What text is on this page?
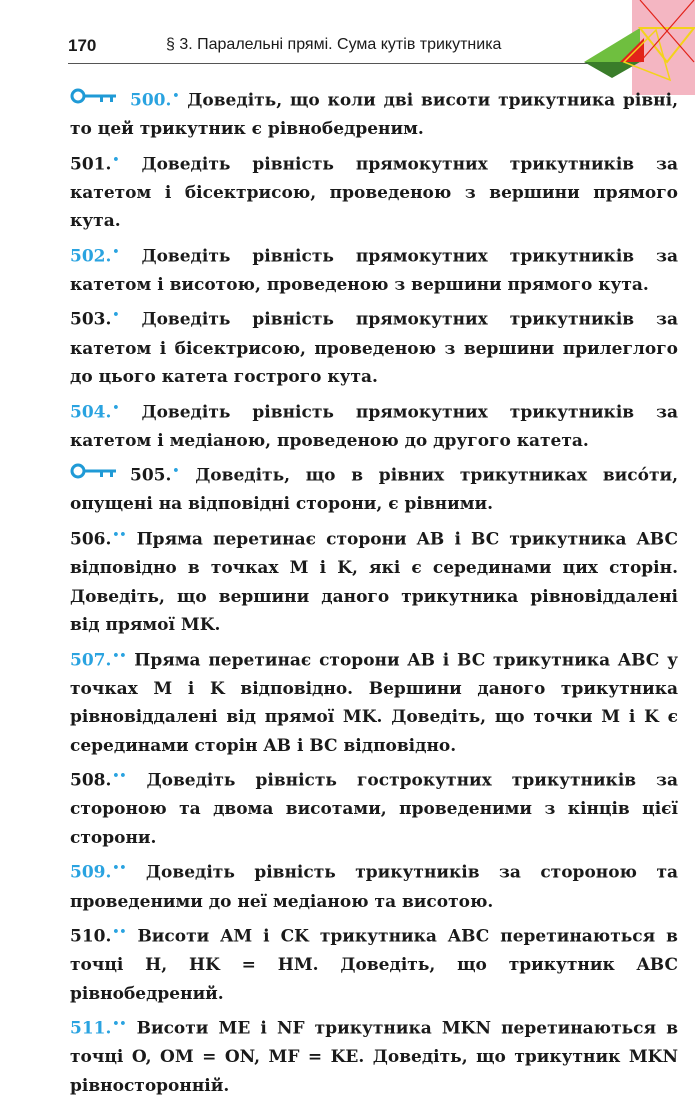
170	§ 3. Паралельні прямі. Сума кутів трикутника
500.• Доведіть, що коли дві висоти трикутника рівні, то цей трикутник є рівнобедреним.
501.• Доведіть рівність прямокутних трикутників за катетом і бісектрисою, проведеною з вершини прямого кута.
502.• Доведіть рівність прямокутних трикутників за катетом і висотою, проведеною з вершини прямого кута.
503.• Доведіть рівність прямокутних трикутників за катетом і бісектрисою, проведеною з вершини прилеглого до цього катета гострого кута.
504.• Доведіть рівність прямокутних трикутників за катетом і медіаною, проведеною до другого катета.
505.• Доведіть, що в рівних трикутниках висóти, опущені на відповідні сторони, є рівними.
506.•• Пряма перетинає сторони AB і BC трикутника ABC відповідно в точках M і K, які є серединами цих сторін. Доведіть, що вершини даного трикутника рівновіддалені від прямої MK.
507.•• Пряма перетинає сторони AB і BC трикутника ABC у точках M і K відповідно. Вершини даного трикутника рівновіддалені від прямої MK. Доведіть, що точки M і K є серединами сторін AB і BC відповідно.
508.•• Доведіть рівність гострокутних трикутників за стороною та двома висотами, проведеними з кінців цієї сторони.
509.•• Доведіть рівність трикутників за стороною та проведеними до неї медіаною та висотою.
510.•• Висоти AM і CK трикутника ABC перетинаються в точці H, HK = HM. Доведіть, що трикутник ABC рівнобедрений.
511.•• Висоти ME і NF трикутника MKN перетинаються в точці O, OM = ON, MF = KE. Доведіть, що трикутник MKN рівносторонній.
